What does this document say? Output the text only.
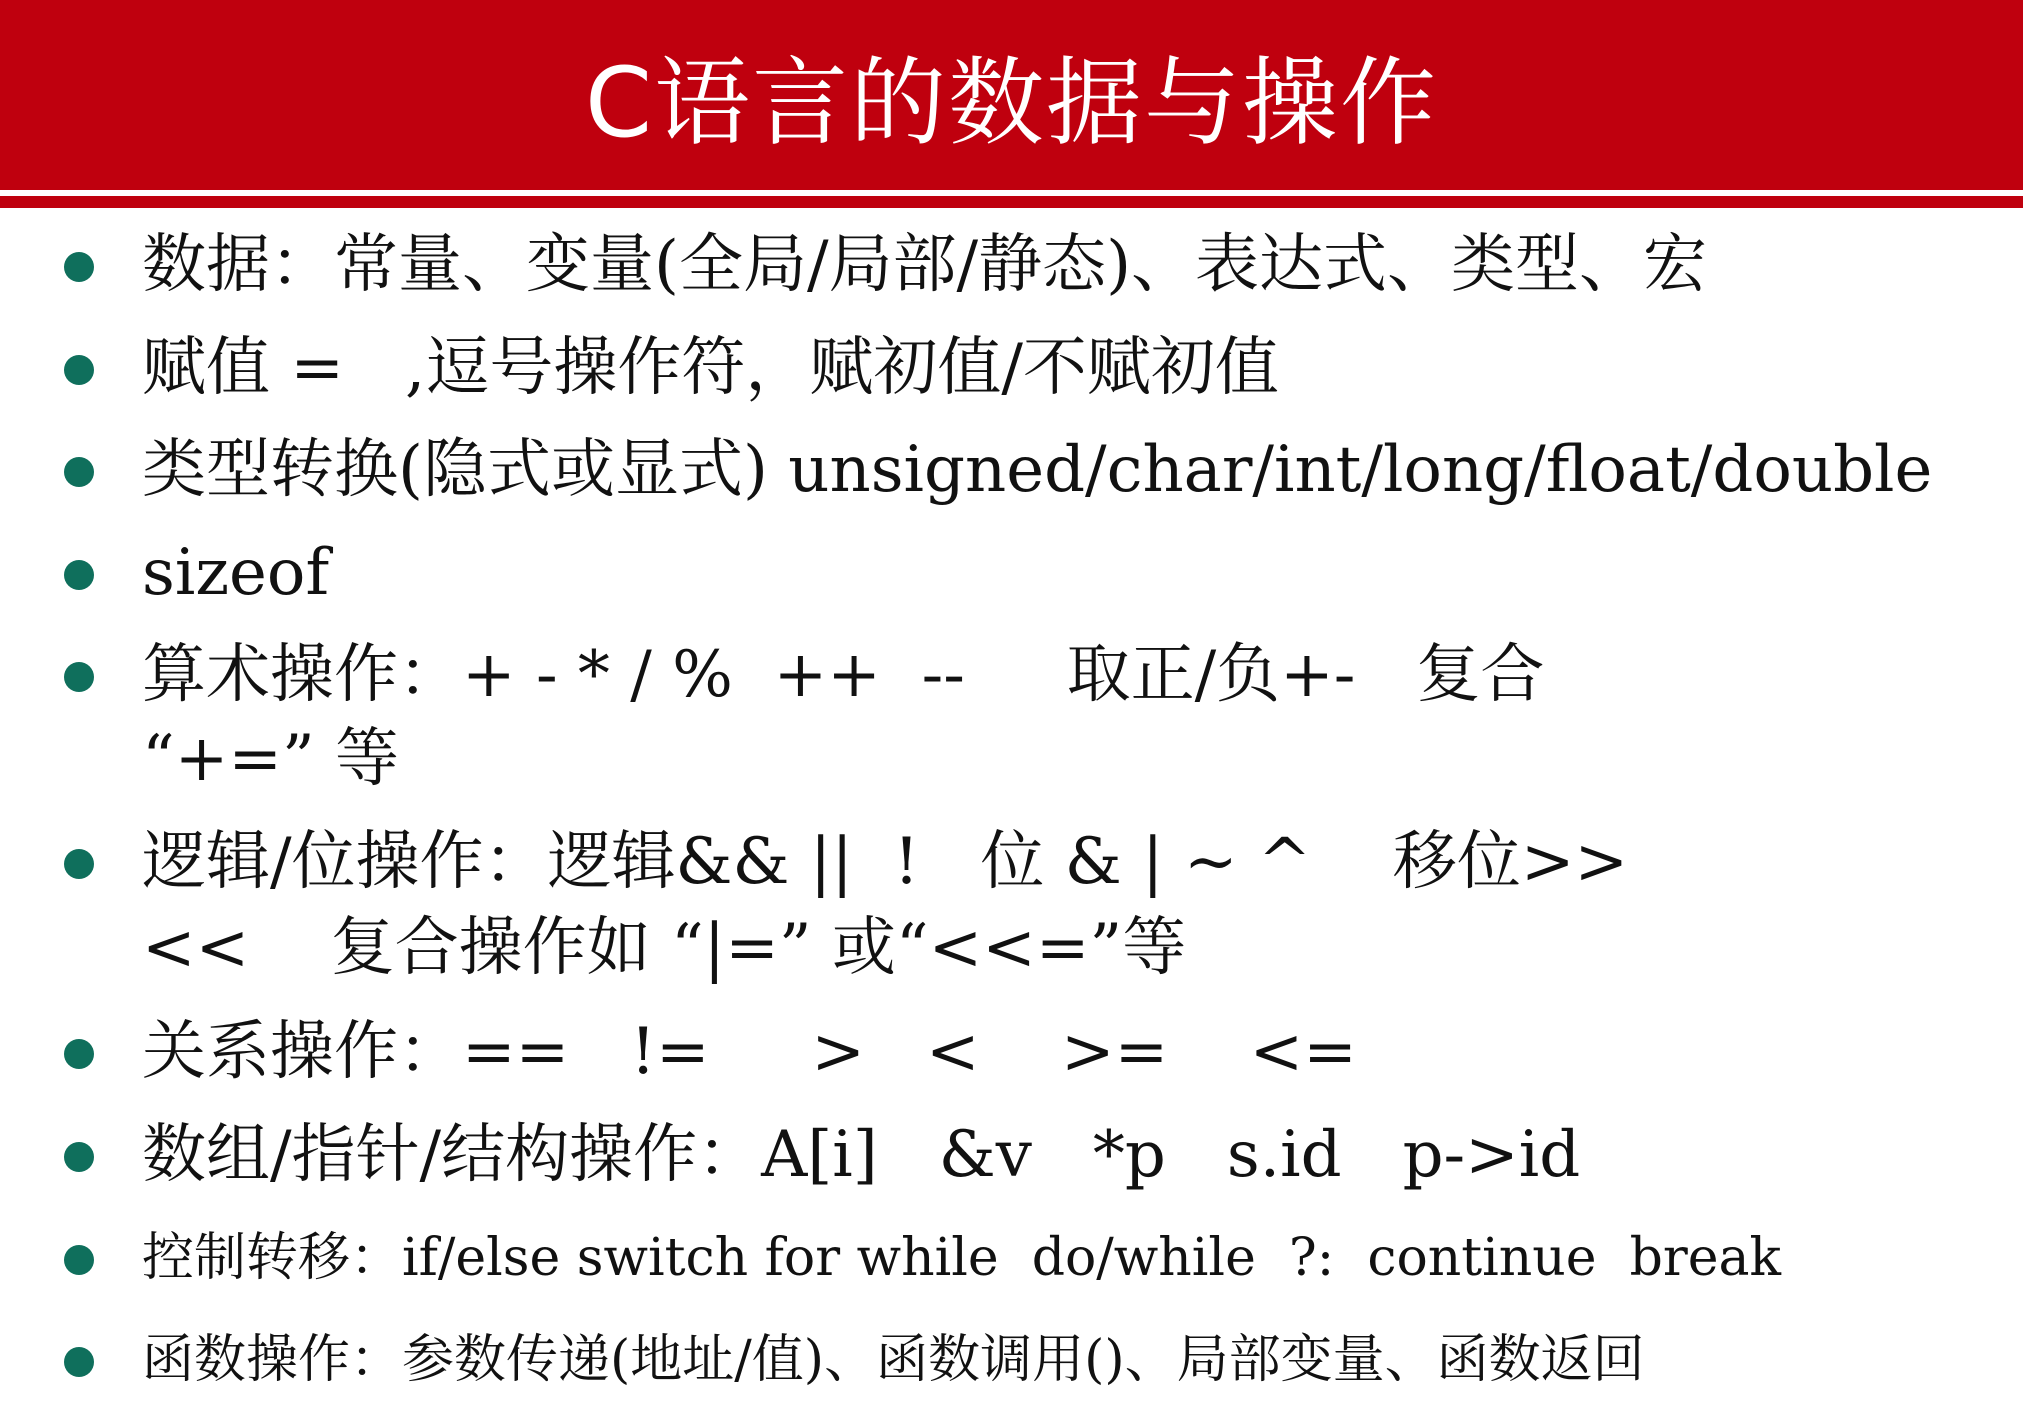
C语言的数据与操作
数据：常量、变量(全局/局部/静态)、表达式、类型、宏
赋值 =   ,逗号操作符，赋初值/不赋初值
类型转换(隐式或显式) unsigned/char/int/long/float/double
sizeof
算术操作：+ - * / %  ++  --     取正/负+-   复合
“+=” 等
逻辑/位操作：逻辑&& ||  !   位 & | ~ ^    移位>>
<<    复合操作如 “|=” 或“<<=”等
关系操作：==   !=     >   <    >=    <=
数组/指针/结构操作：A[i]   &v   *p   s.id   p->id
控制转移：if/else switch for while  do/while  ?:  continue  break
函数操作：参数传递(地址/值)、函数调用()、局部变量、函数返回
